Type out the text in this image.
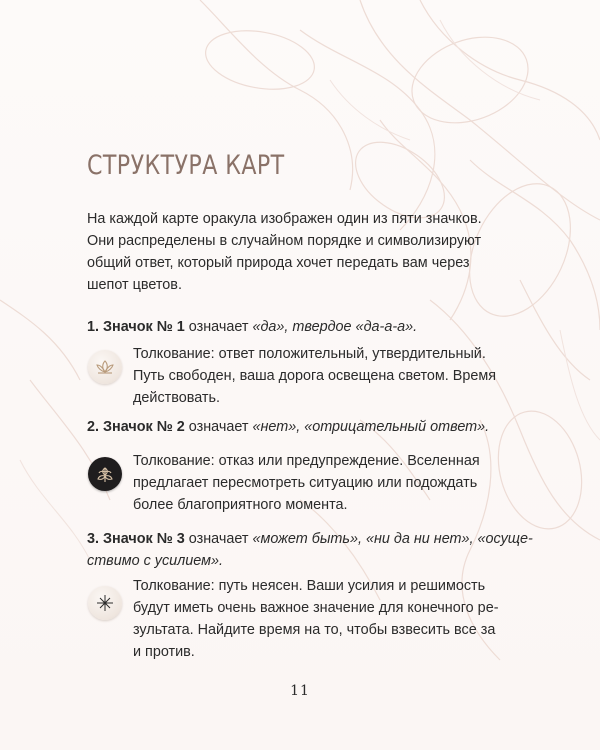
СТРУКТУРА КАРТ
На каждой карте оракула изображен один из пяти значков.
Они распределены в случайном порядке и символизируют
общий ответ, который природа хочет передать вам через
шепот цветов.
1. Значок № 1 означает «да», твердое «да-а-а».
Толкование: ответ положительный, утвердительный.
Путь свободен, ваша дорога освещена светом. Время
действовать.
2. Значок № 2 означает «нет», «отрицательный ответ».
Толкование: отказ или предупреждение. Вселенная
предлагает пересмотреть ситуацию или подождать
более благоприятного момента.
3. Значок № 3 означает «может быть», «ни да ни нет», «осуще-
ствимо с усилием».
Толкование: путь неясен. Ваши усилия и решимость
будут иметь очень важное значение для конечного ре-
зультата. Найдите время на то, чтобы взвесить все за
и против.
11
